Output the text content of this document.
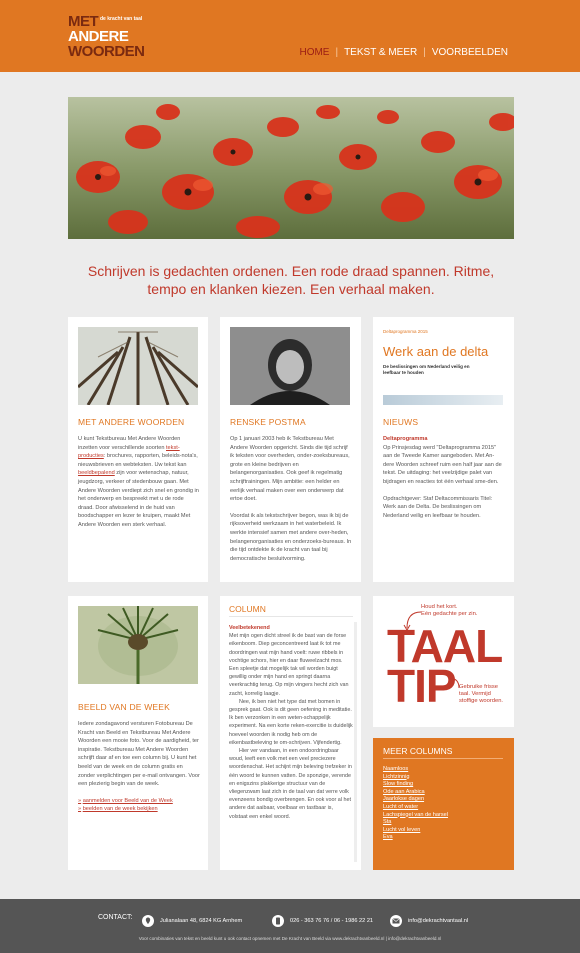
MET de kracht van taal
ANDERE
WOORDEN	HOME | TEKST & MEER | VOORBEELDEN
Schrijven is gedachten ordenen. Een rode draad spannen. Ritme, tempo en klanken kiezen. Een verhaal maken.
MET ANDERE WOORDEN
U kunt Tekstbureau Met Andere Woorden inzetten voor verschillende soorten tekst-producties: brochures, rapporten, beleids-nota's, nieuwsbrieven en webteksten. Uw tekst kan beeldbepalend zijn voor wetenschap, natuur, jeugdzorg, verkeer of stedenbouw gaan. Met Andere Woorden verdiept zich snel en grondig in het onderwerp en bespreekt met u de rode draad. Door afwisselend in de huid van boodschapper en lezer te kruipen, maakt Met Andere Woorden een sterk verhaal.
RENSKE POSTMA
Op 1 januari 2003 heb ik Tekstbureau Met Andere Woorden opgericht. Sinds die tijd schrijf ik teksten voor overheden, onder-zoeksbureaus, grote en kleine bedrijven en belangenorganisaties. Ook geef ik regelmatig schrijftrainingen. Mijn ambitie: een helder en eerlijk verhaal maken over een onderwerp dat ertoe doet.
Voordat ik als tekstschrijver begon, was ik bij de rijksoverheid werkzaam in het waterbeleid. Ik werkte intensief samen met andere over-heden, belangenorganisaties en onderzoeks-bureaus. In die tijd ontdekte ik de kracht van taal bij democratische besluitvorming.
Deltaprogramma 2015
Werk aan de delta
De beslissingen om Nederland veilig en leefbaar te houden
NIEUWS
Deltaprogramma
Op Prinsjesdag werd "Deltaprogramma 2015" aan de Tweede Kamer aangeboden. Met An-dere Woorden schreef ruim een half jaar aan de tekst. De uitdaging: het veelzijdige palet van bijdragen en reacties tot één verhaal sme-den.
Opdrachtgever: Staf Deltacommissaris Titel: Werk aan de Delta. De beslissingen om Nederland veilig en leefbaar te houden.
BEELD VAN DE WEEK
Iedere zondagavond versturen Fotobureau De Kracht van Beeld en Tekstbureau Met Andere Woorden een mooie foto. Voor de aardigheid, ter inspiratie. Tekstbureau Met Andere Woorden schrijft daar af en toe een column bij. U kunt het beeld van de week en de column gratis en zonder verplichtingen per e-mail ontvangen. Voor een plezierig begin van de week.
» aanmelden voor Beeld van de Week
» beelden van de week bekijken
COLUMN
Veelbetekenend
Met mijn ogen dicht streel ik de bast van de forse eikenboom. Diep geconcentreerd laat ik tot me doordringen wat mijn hand voelt: ruwe ribbels in vochtige schors, hier en daar fluweelzacht mos. Een spleetje dat mogelijk tak wil worden buigt gewillig onder mijn hand en springt daarna veerkrachtig terug. Op mijn vingers hecht zich van zacht, korrelig laagje.
Nee, ik ben niet het type dat met bomen in gesprek gaat. Ook is dit geen oefening in meditatie. Ik ben verzonken in een weten-schappelijk experiment. Na een korte reken-exercitie is duidelijk hoeveel woorden ik nodig heb om de eikenbastbeleving te om-schrijven. Vijfendertig.
Hier ver vandaan, in een ondoordringbaar woud, leeft een volk met een veel preciezere woordenschat. Het schijnt mijn beleving trefzeker in één woord te kunnen vatten. De sponzige, verende en enigszins plakkerige structuur van de vliegenzwam laat zich in de taal van dat verre volk evenzeens bondig overbrengen. En ook voor al het andere dat aaibaar, voelbaar en tastbaar is, volstaat een enkel woord.
Houd het kort.
Eén gedachte per zin.
TAAL
TIP Gebruike frisse
taal. Vermijd
stoffige woorden.
MEER COLUMNS
Naamloos
Lichtzinnig
Slow finding
Ode aan Arabica
Jaarlokse dagen
Lucht of water
Lachspiegel van de harsel
Sta
Lucht vol leven
Eva
CONTACT:	Julianalaan 48, 6824 KG Arnhem	026 - 363 76 76 / 06 - 1986 22 21	info@dekrachtvantaal.nl
Voor combinaties van tekst en beeld kunt u ook contact opnemen met De Kracht van Beeld via www.dekrachtvanbeeld.nl | info@dekrachtvanbeeld.nl
